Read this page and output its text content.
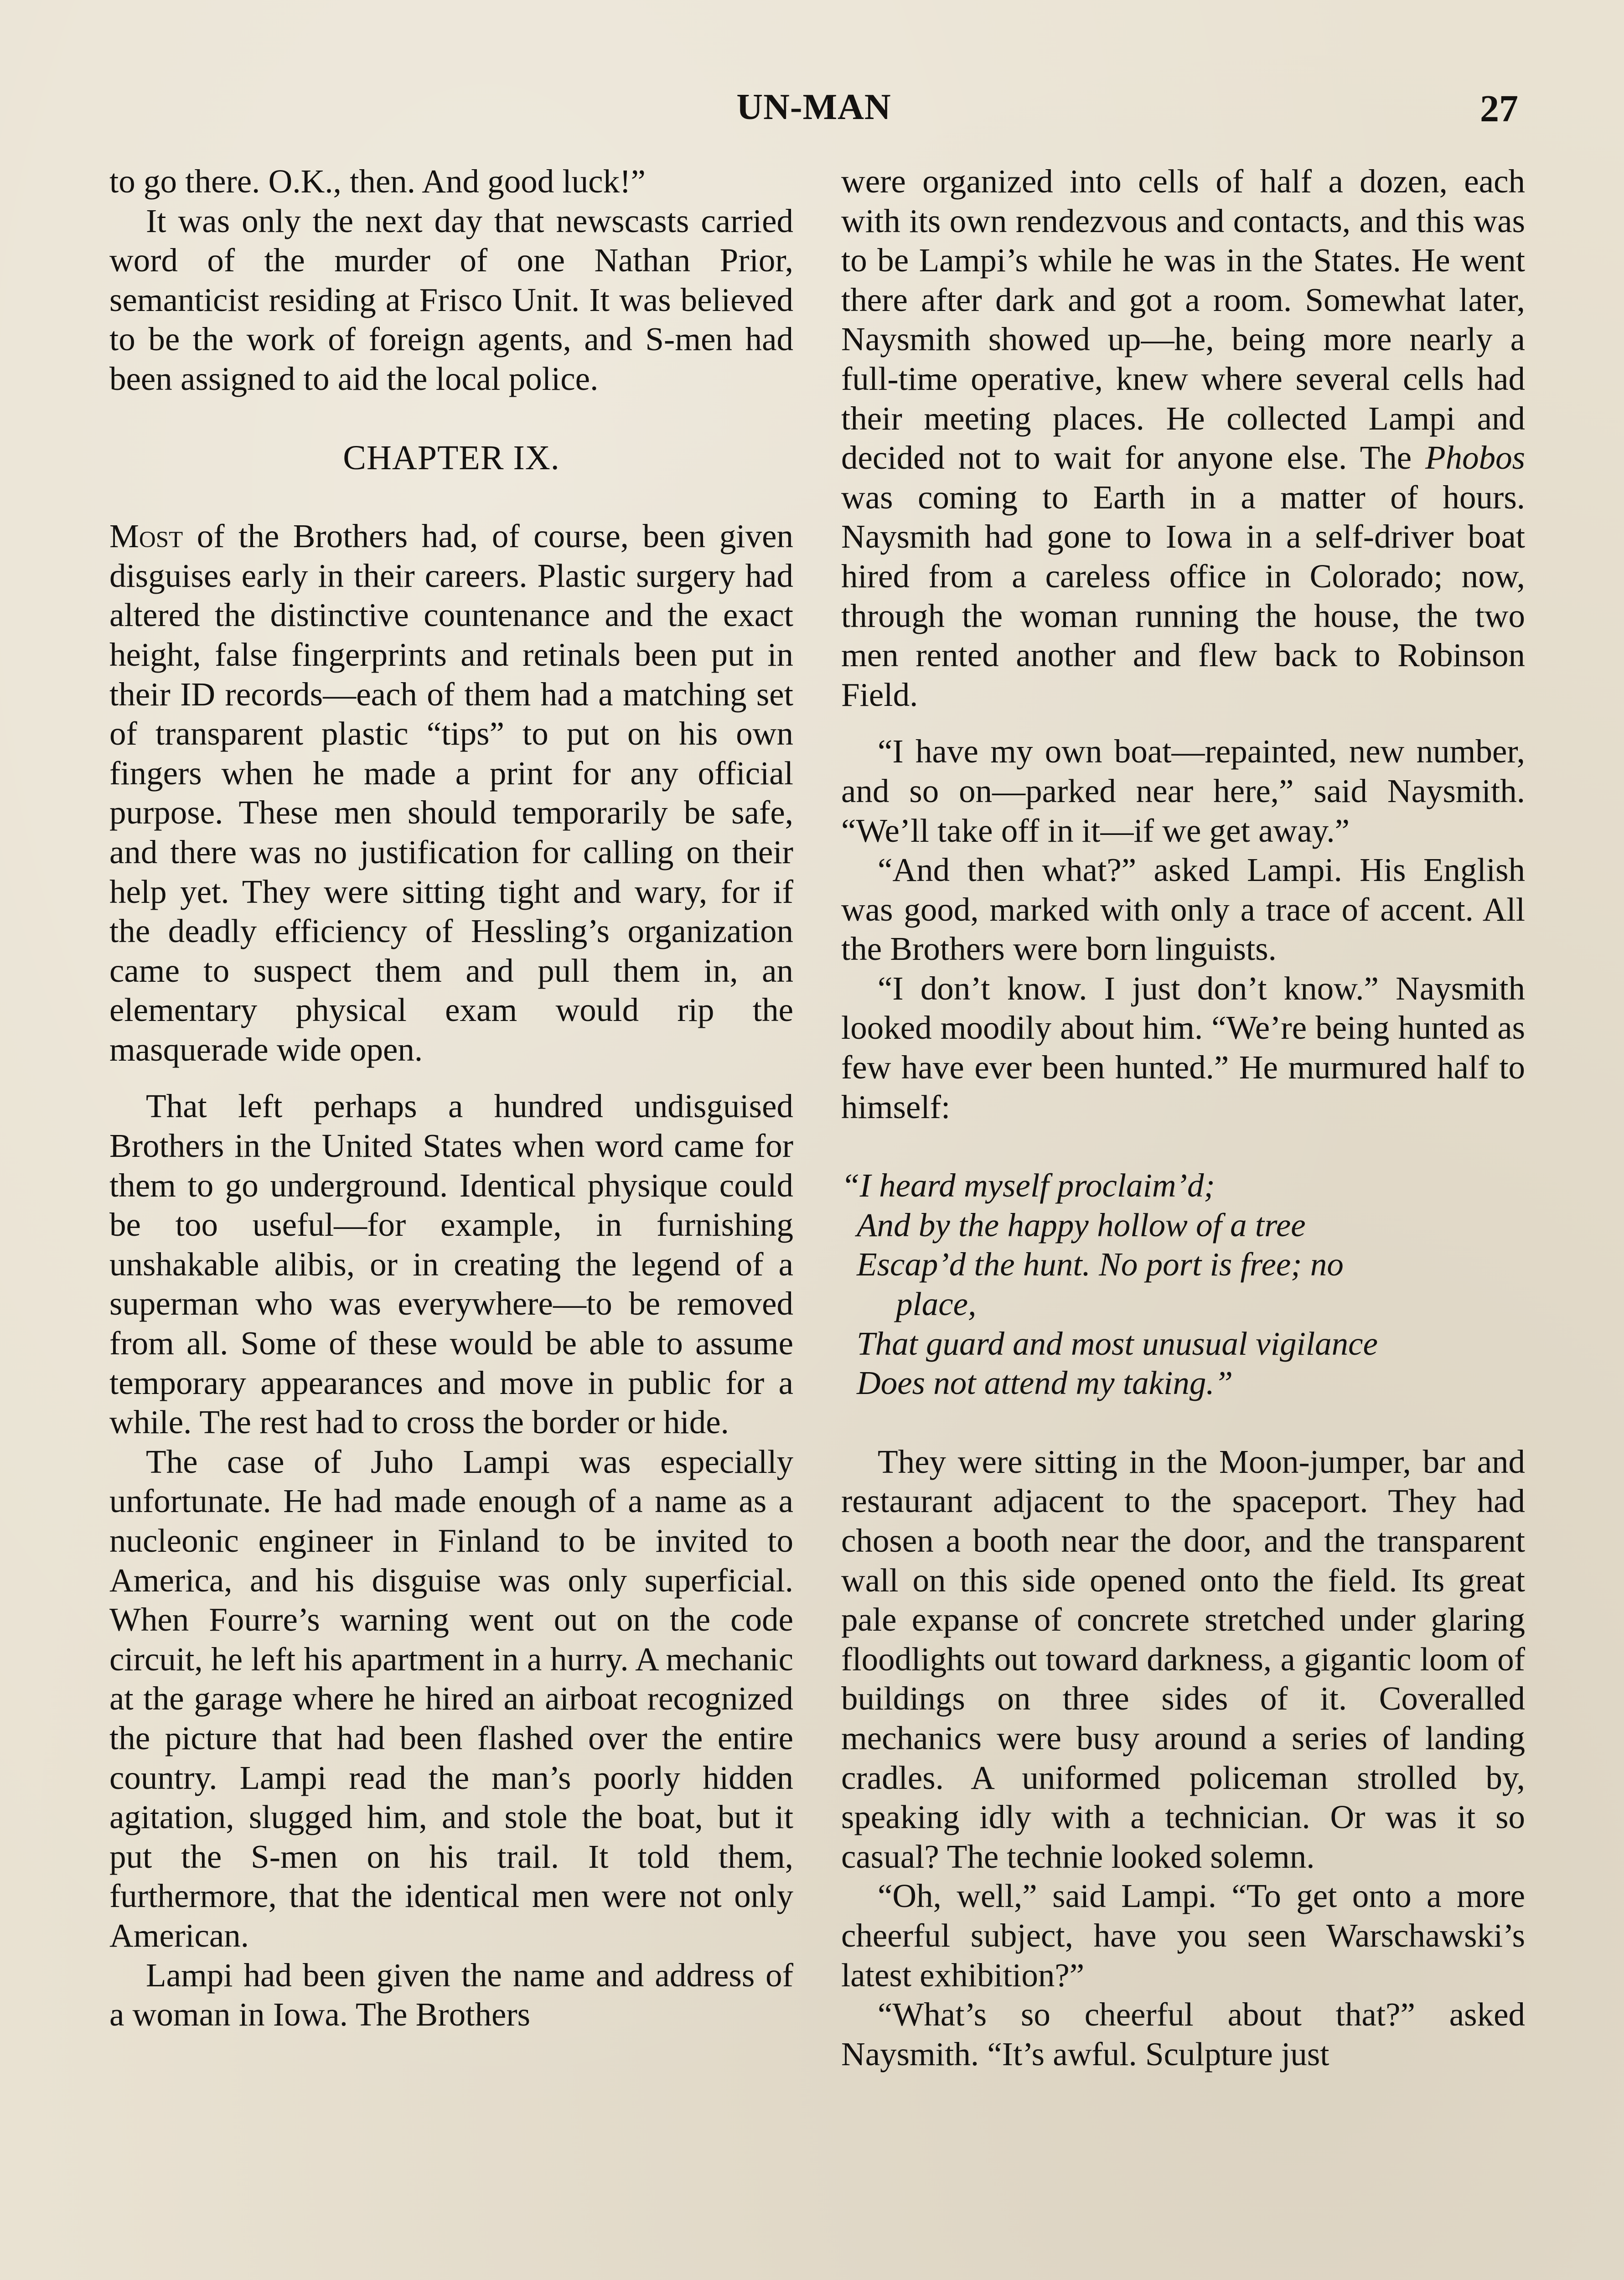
UN-MAN	27

to go there. O.K., then. And good luck!”

It was only the next day that newscasts carried word of the murder of one Nathan Prior, semanticist residing at Frisco Unit. It was believed to be the work of foreign agents, and S-men had been assigned to aid the local police.

CHAPTER IX.

Most of the Brothers had, of course, been given disguises early in their careers. Plastic surgery had altered the distinctive countenance and the exact height, false fingerprints and retinals been put in their ID records—each of them had a matching set of transparent plastic “tips” to put on his own fingers when he made a print for any official purpose. These men should temporarily be safe, and there was no justification for calling on their help yet. They were sitting tight and wary, for if the deadly efficiency of Hessling’s organization came to suspect them and pull them in, an elementary physical exam would rip the masquerade wide open.

That left perhaps a hundred undisguised Brothers in the United States when word came for them to go underground. Identical physique could be too useful—for example, in furnishing unshakable alibis, or in creating the legend of a superman who was everywhere—to be removed from all. Some of these would be able to assume temporary appearances and move in public for a while. The rest had to cross the border or hide.

The case of Juho Lampi was especially unfortunate. He had made enough of a name as a nucleonic engineer in Finland to be invited to America, and his disguise was only superficial. When Fourre’s warning went out on the code circuit, he left his apartment in a hurry. A mechanic at the garage where he hired an airboat recognized the picture that had been flashed over the entire country. Lampi read the man’s poorly hidden agitation, slugged him, and stole the boat, but it put the S-men on his trail. It told them, furthermore, that the identical men were not only American.

Lampi had been given the name and address of a woman in Iowa. The Brothers

were organized into cells of half a dozen, each with its own rendezvous and contacts, and this was to be Lampi’s while he was in the States. He went there after dark and got a room. Somewhat later, Naysmith showed up—he, being more nearly a full-time operative, knew where several cells had their meeting places. He collected Lampi and decided not to wait for anyone else. The Phobos was coming to Earth in a matter of hours. Naysmith had gone to Iowa in a self-driver boat hired from a careless office in Colorado; now, through the woman running the house, the two men rented another and flew back to Robinson Field.

“I have my own boat—repainted, new number, and so on—parked near here,” said Naysmith. “We’ll take off in it—if we get away.”

“And then what?” asked Lampi. His English was good, marked with only a trace of accent. All the Brothers were born linguists.

“I don’t know. I just don’t know.” Naysmith looked moodily about him. “We’re being hunted as few have ever been hunted.” He murmured half to himself:

“I heard myself proclaim’d;
And by the happy hollow of a tree
Escap’d the hunt. No port is free; no
place,
That guard and most unusual vigilance
Does not attend my taking.”

They were sitting in the Moon-jumper, bar and restaurant adjacent to the spaceport. They had chosen a booth near the door, and the transparent wall on this side opened onto the field. Its great pale expanse of concrete stretched under glaring floodlights out toward darkness, a gigantic loom of buildings on three sides of it. Coveralled mechanics were busy around a series of landing cradles. A uniformed policeman strolled by, speaking idly with a technician. Or was it so casual? The technie looked solemn.

“Oh, well,” said Lampi. “To get onto a more cheerful subject, have you seen Warschawski’s latest exhibition?”

“What’s so cheerful about that?” asked Naysmith. “It’s awful. Sculpture just
